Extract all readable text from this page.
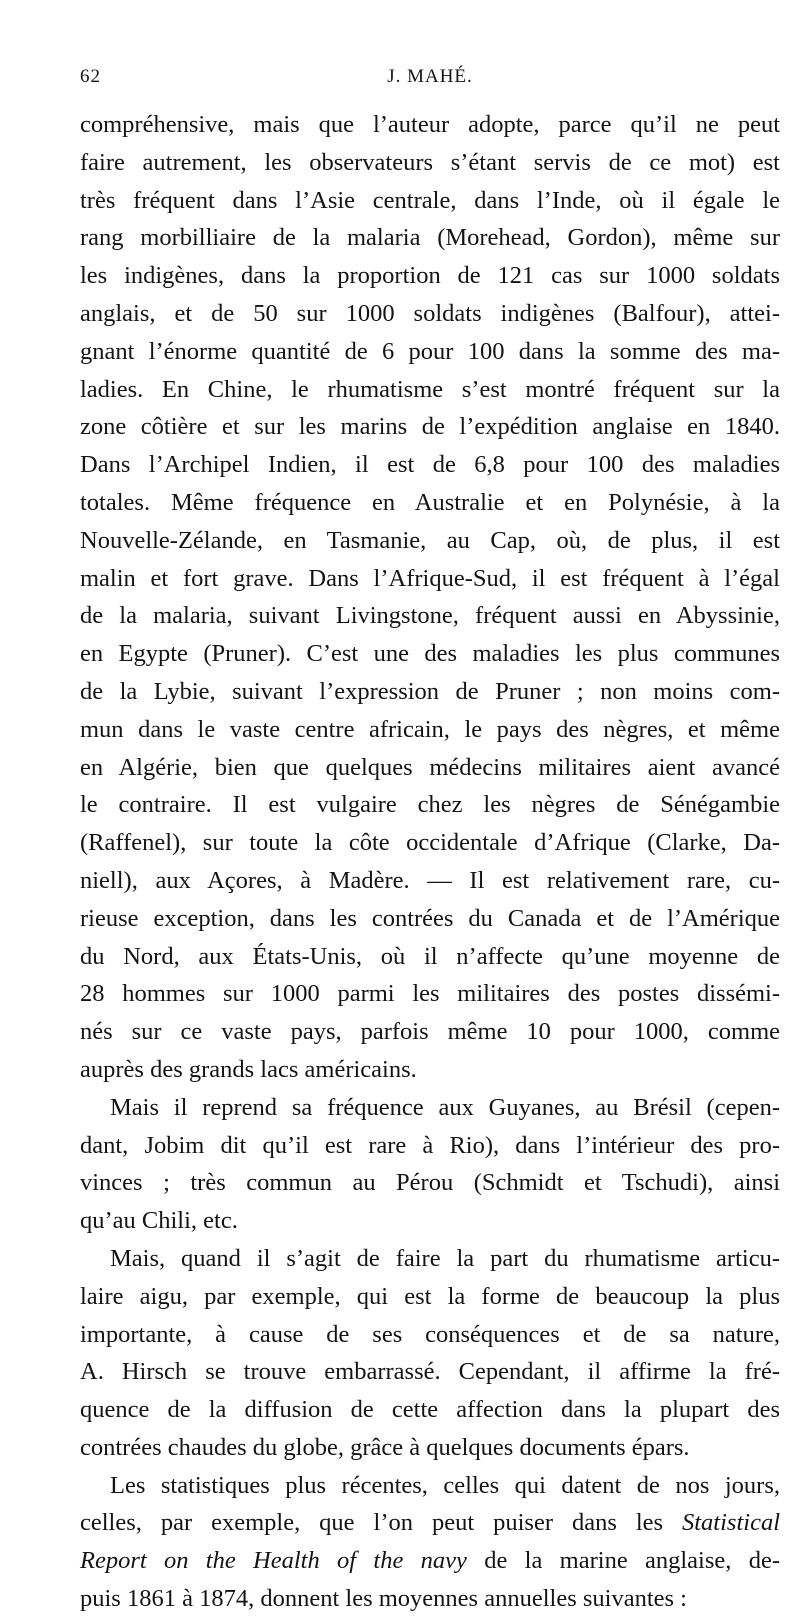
62	J. MAHÉ.

compréhensive, mais que l’auteur adopte, parce qu’il ne peut
faire autrement, les observateurs s’étant servis de ce mot) est
très fréquent dans l’Asie centrale, dans l’Inde, où il égale le
rang morbilliaire de la malaria (Morehead, Gordon), même sur
les indigènes, dans la proportion de 121 cas sur 1000 soldats
anglais, et de 50 sur 1000 soldats indigènes (Balfour), attei-
gnant l’énorme quantité de 6 pour 100 dans la somme des ma-
ladies. En Chine, le rhumatisme s’est montré fréquent sur la
zone côtière et sur les marins de l’expédition anglaise en 1840.
Dans l’Archipel Indien, il est de 6,8 pour 100 des maladies
totales. Même fréquence en Australie et en Polynésie, à la
Nouvelle-Zélande, en Tasmanie, au Cap, où, de plus, il est
malin et fort grave. Dans l’Afrique-Sud, il est fréquent à l’égal
de la malaria, suivant Livingstone, fréquent aussi en Abyssinie,
en Egypte (Pruner). C’est une des maladies les plus communes
de la Lybie, suivant l’expression de Pruner ; non moins com-
mun dans le vaste centre africain, le pays des nègres, et même
en Algérie, bien que quelques médecins militaires aient avancé
le contraire. Il est vulgaire chez les nègres de Sénégambie
(Raffenel), sur toute la côte occidentale d’Afrique (Clarke, Da-
niell), aux Açores, à Madère. — Il est relativement rare, cu-
rieuse exception, dans les contrées du Canada et de l’Amérique
du Nord, aux États-Unis, où il n’affecte qu’une moyenne de
28 hommes sur 1000 parmi les militaires des postes dissémi-
nés sur ce vaste pays, parfois même 10 pour 1000, comme
auprès des grands lacs américains.

Mais il reprend sa fréquence aux Guyanes, au Brésil (cepen-
dant, Jobim dit qu’il est rare à Rio), dans l’intérieur des pro-
vinces ; très commun au Pérou (Schmidt et Tschudi), ainsi
qu’au Chili, etc.

Mais, quand il s’agit de faire la part du rhumatisme articu-
laire aigu, par exemple, qui est la forme de beaucoup la plus
importante, à cause de ses conséquences et de sa nature,
A. Hirsch se trouve embarrassé. Cependant, il affirme la fré-
quence de la diffusion de cette affection dans la plupart des
contrées chaudes du globe, grâce à quelques documents épars.

Les statistiques plus récentes, celles qui datent de nos jours,
celles, par exemple, que l’on peut puiser dans les Statistical
Report on the Health of the navy de la marine anglaise, de-
puis 1861 à 1874, donnent les moyennes annuelles suivantes :
